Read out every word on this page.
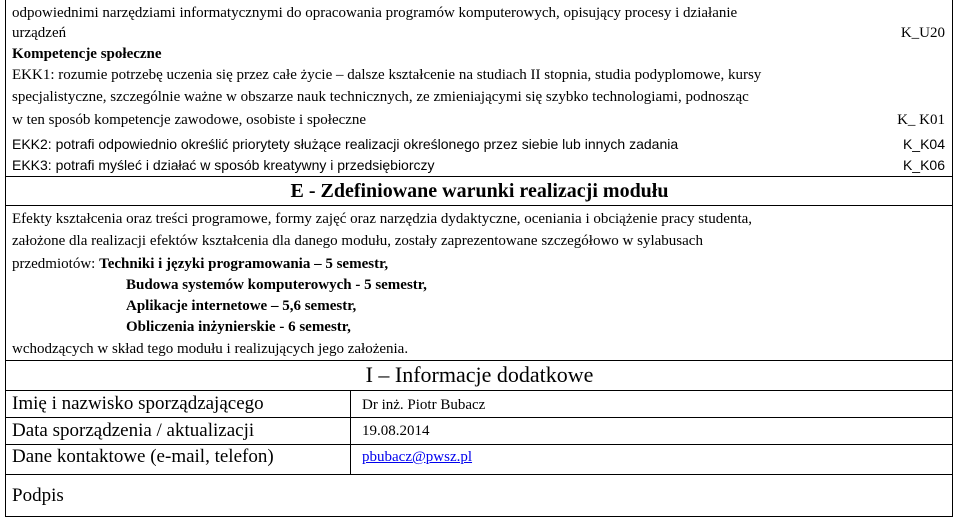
odpowiednimi narzędziami informatycznymi do opracowania programów komputerowych, opisujący procesy i działanie
urządzeń	K_U20
Kompetencje społeczne
EKK1: rozumie potrzebę uczenia się przez całe życie – dalsze kształcenie na studiach II stopnia, studia podyplomowe, kursy
specjalistyczne, szczególnie ważne w obszarze nauk technicznych, ze zmieniającymi się szybko technologiami, podnosząc
w ten sposób kompetencje zawodowe, osobiste i społeczne	K_ K01
EKK2: potrafi odpowiednio określić priorytety służące realizacji określonego przez siebie lub innych zadania	K_K04
EKK3: potrafi myśleć i działać w sposób kreatywny i przedsiębiorczy	K_K06
E - Zdefiniowane warunki realizacji modułu
Efekty kształcenia oraz treści programowe, formy zajęć oraz narzędzia dydaktyczne, oceniania i obciążenie pracy studenta,
założone dla realizacji efektów kształcenia dla danego modułu, zostały zaprezentowane szczegółowo w sylabusach
przedmiotów: Techniki i języki programowania – 5 semestr,
Budowa systemów komputerowych - 5 semestr,
Aplikacje internetowe – 5,6 semestr,
Obliczenia inżynierskie - 6 semestr,
wchodzących w skład tego modułu i realizujących jego założenia.
I – Informacje dodatkowe
Imię i nazwisko sporządzającego	Dr inż. Piotr Bubacz
Data sporządzenia / aktualizacji	19.08.2014
Dane kontaktowe (e-mail, telefon)	pbubacz@pwsz.pl
Podpis
